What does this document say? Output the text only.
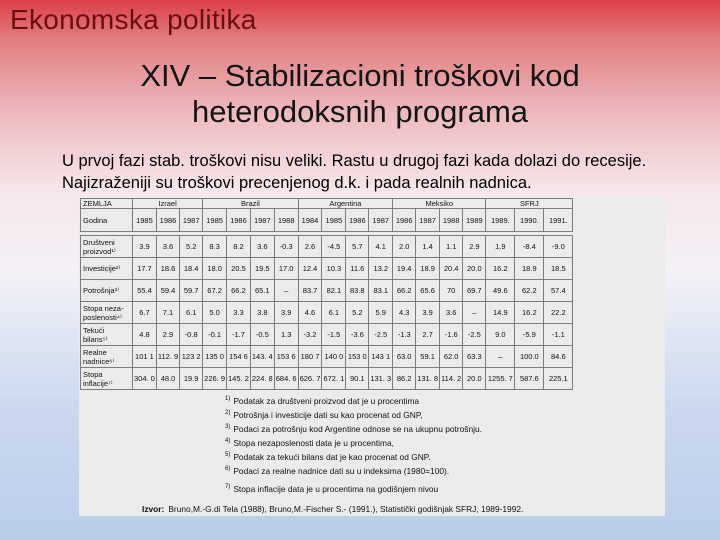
Ekonomska politika
XIV – Stabilizacioni troškovi kod
heterodoksnih programa
U prvoj fazi stab. troškovi nisu veliki. Rastu u drugoj fazi kada dolazi do recesije. Najizraženiji su troškovi precenjenog d.k. i pada realnih nadnica.
ZEMLJA	Izrael			Brazil				Argentina				Meksiko				SFRJ		
Godina	1985	1986	1987	1985	1986	1987	1988	1984	1985	1986	1987	1986	1987	1988	1989	1989.	1990.	1991.

Društveni
proizvod¹⁾	3.9	3.6	5.2	8.3	8.2	3.6	-0.3	2.6	-4.5	5.7	4.1	2.0	1.4	1.1	2.9	1.9	-8.4	-9.0

Investicije²⁾	17.7	18.6	18.4	18.0	20.5	19.5	17.0	12.4	10.3	11.6	13.2	19.4	18.9	20.4	20.0	16.2	18.9	18.5

Potrošnja³⁾	55.4	59.4	59.7	67.2	66.2	65.1	–	83.7	82.1	83.8	83.1	66.2	65.6	70	69.7	49.6	62.2	57.4

Stopa neza-
poslenosti⁴⁾	6.7	7.1	6.1	5.0	3.3	3.8	3.9	4.6	6.1	5.2	5.9	4.3	3.9	3.6	–	14.9	16.2	22.2

Tekući
bilans⁵⁾	4.8	2.9	-0.8	-0.1	-1.7	-0.5	1.3	-3.2	-1.5	-3.6	-2.5	-1.3	2.7	-1.6	-2.5	9.0	-5.9	-1.1

Realne
nadnice⁶⁾	101 1	112. 9	123 2	135 0	154 6	143. 4	153 6	180 7	140 0	153 0	143 1	63.0	59.1	62.0	63.3	–	100.0	84.6

Stopa
inflacije⁷⁾	304. 0	48.0	19.9	226. 9	145. 2	224. 8	684. 6	626. 7	672. 1	90.1	131. 3	86.2	131. 8	114. 2	20.0	1255. 7	587.6	225.1
$^{1)}$ Podatak za društveni proizvod dat je u procentima
$^{2)}$ Potrošnja i investicije dati su kao procenat od GNP,
$^{3)}$ Podaci za potrošnju kod Argentine odnose se na ukupnu potrošnju.
$^{4)}$ Stopa nezaposlenosti data je u procentima,
$^{5)}$ Podatak za tekući bilans dat je kao procenat od GNP.
$^{6)}$ Podaci za realne nadnice dati su u indeksima (1980=100).
$^{7)}$ Stopa inflacije data je u procentima na godišnjem nivou
Izvor: Bruno,M.-G.di Tela (1988), Bruno,M.-Fischer S.- (1991.), Statistički godišnjak SFRJ, 1989-1992.
